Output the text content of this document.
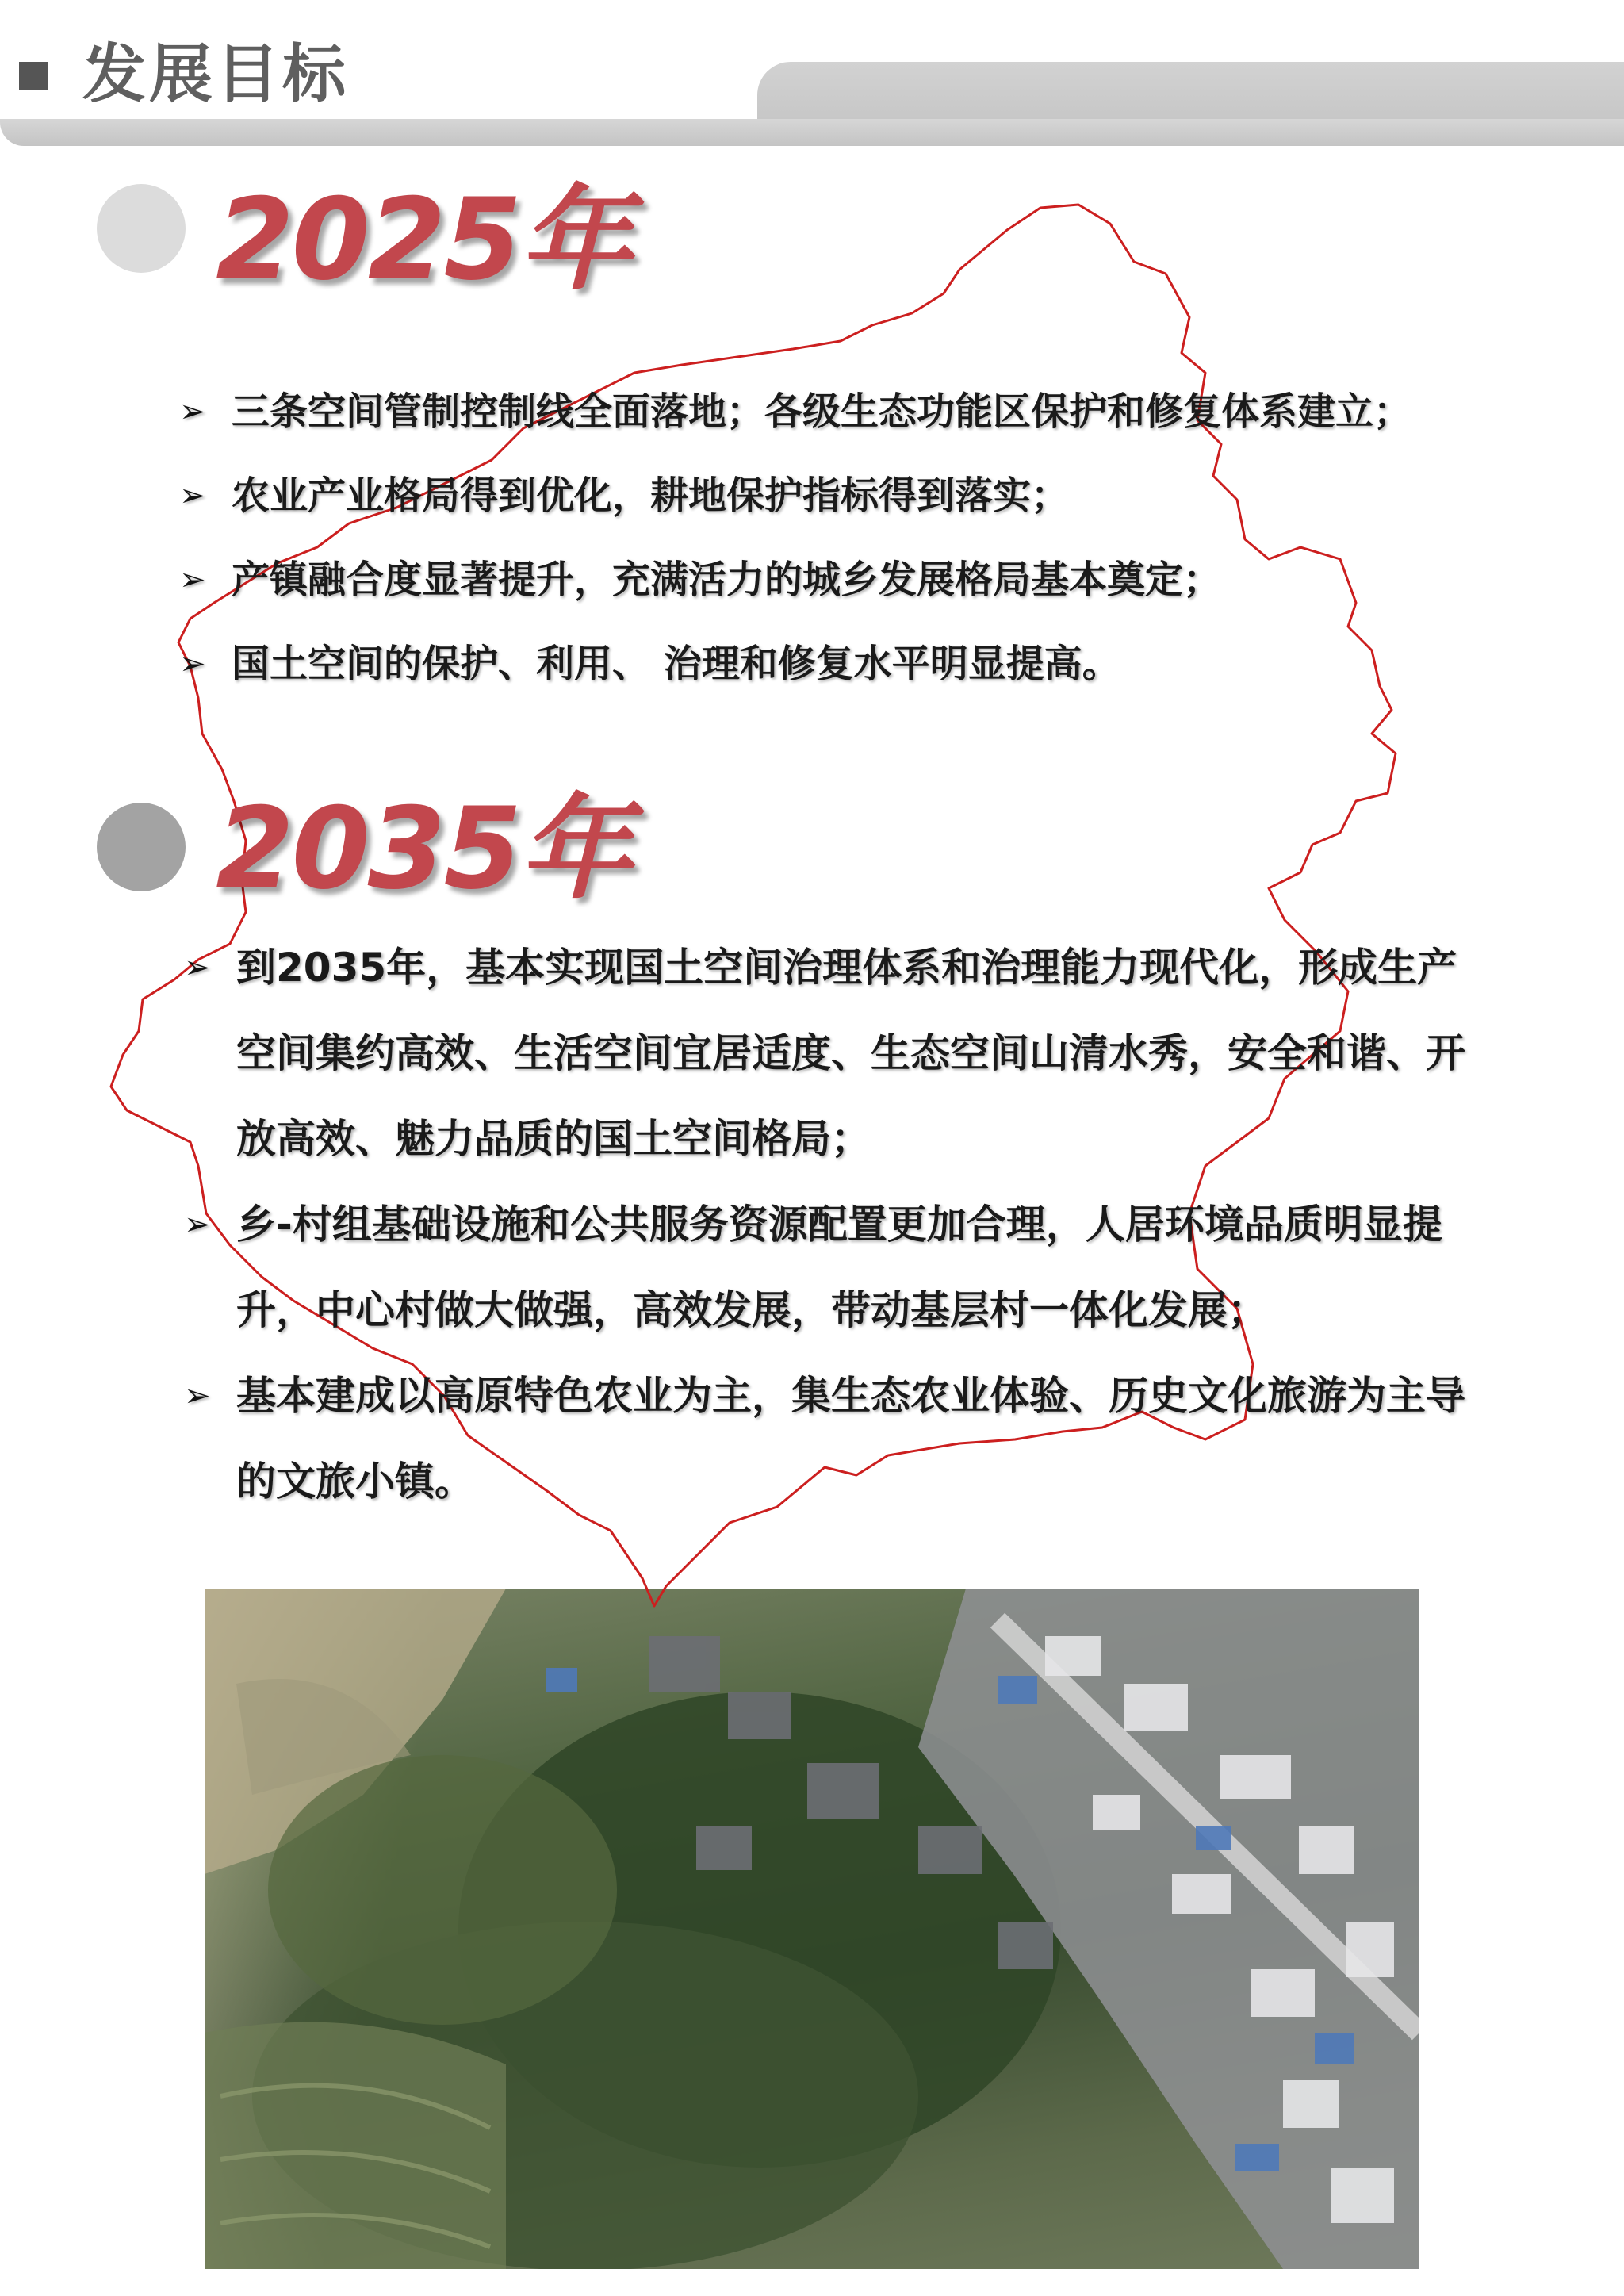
发展目标
2025年
➢ 三条空间管制控制线全面落地；各级生态功能区保护和修复体系建立；
➢ 农业产业格局得到优化，耕地保护指标得到落实；
➢ 产镇融合度显著提升，充满活力的城乡发展格局基本奠定；
➢ 国土空间的保护、利用、 治理和修复水平明显提高。
2035年
➢ 到2035年，基本实现国土空间治理体系和治理能力现代化，形成生产空间集约高效、生活空间宜居适度、生态空间山清水秀，安全和谐、开放高效、魅力品质的国土空间格局；
➢ 乡-村组基础设施和公共服务资源配置更加合理，人居环境品质明显提升，中心村做大做强，高效发展，带动基层村一体化发展；
➢ 基本建成以高原特色农业为主，集生态农业体验、历史文化旅游为主导的文旅小镇。
